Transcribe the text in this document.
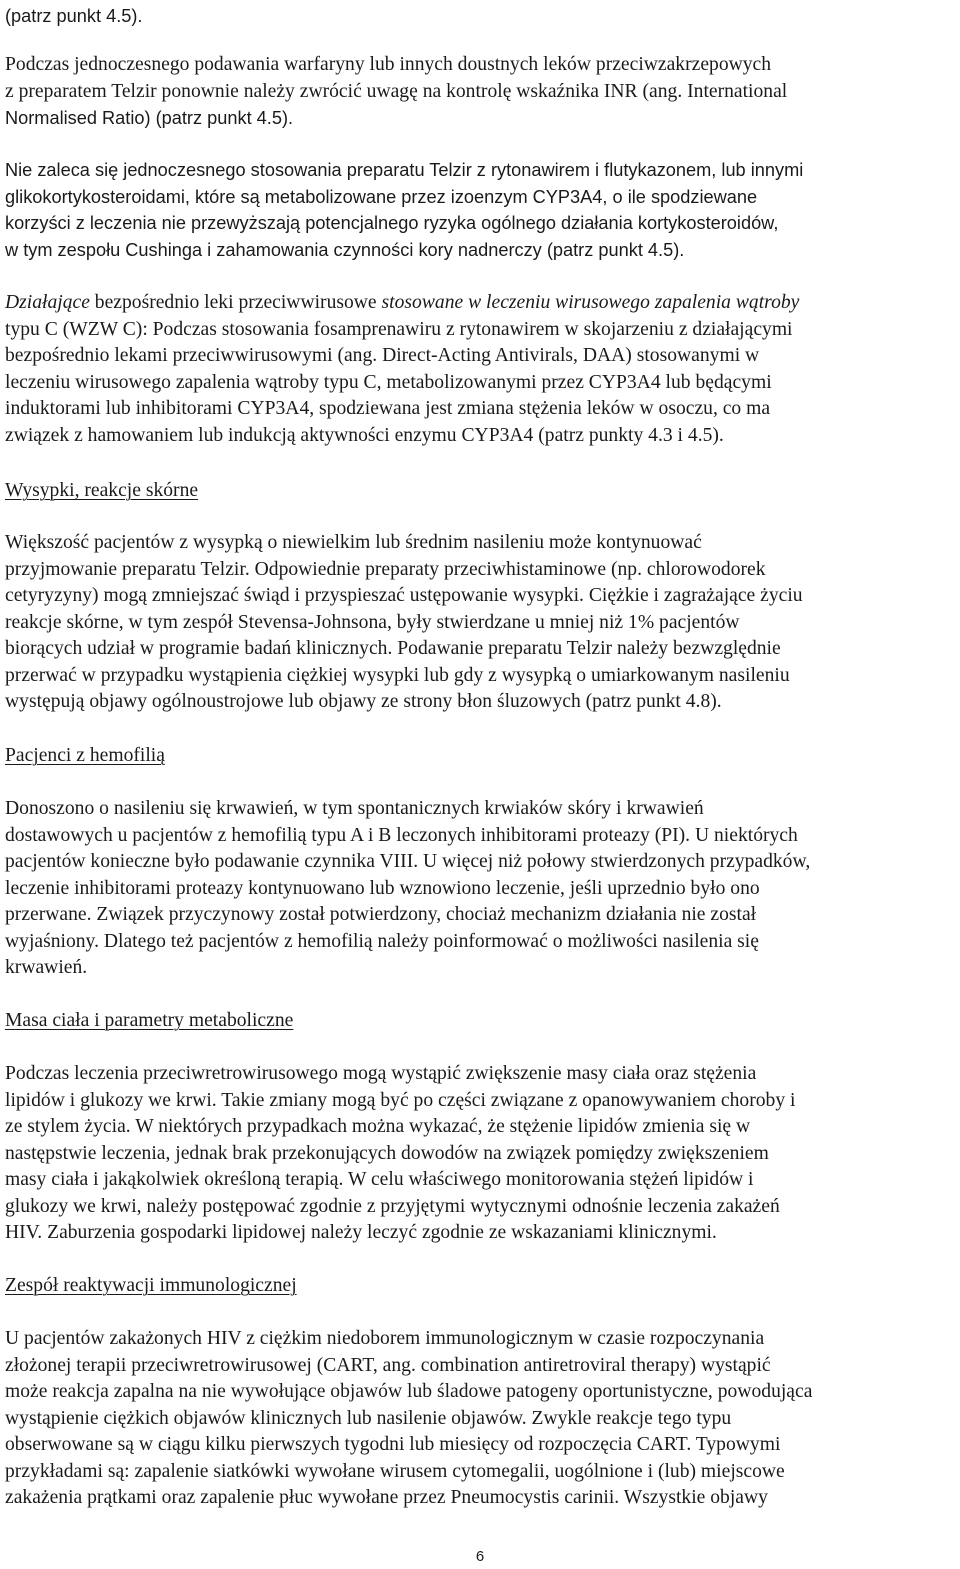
(patrz punkt 4.5).

Podczas jednoczesnego podawania warfaryny lub innych doustnych leków przeciwzakrzepowych

z preparatem Telzir ponownie należy zwrócić uwagę na kontrolę wskaźnika INR (ang. International

Normalised Ratio) (patrz punkt 4.5).

Nie zaleca się jednoczesnego stosowania preparatu Telzir z rytonawirem i flutykazonem, lub innymi

glikokortykosteroidami, które są metabolizowane przez izoenzym CYP3A4, o ile spodziewane

korzyści z leczenia nie przewyższają potencjalnego ryzyka ogólnego działania kortykosteroidów,

w tym zespołu Cushinga i zahamowania czynności kory nadnerczy (patrz punkt 4.5).

Działające bezpośrednio leki przeciwwirusowe stosowane w leczeniu wirusowego zapalenia wątroby

typu C (WZW C): Podczas stosowania fosamprenawiru z rytonawirem w skojarzeniu z działającymi

bezpośrednio lekami przeciwwirusowymi (ang. Direct-Acting Antivirals, DAA) stosowanymi w

leczeniu wirusowego zapalenia wątroby typu C, metabolizowanymi przez CYP3A4 lub będącymi

induktorami lub inhibitorami CYP3A4, spodziewana jest zmiana stężenia leków w osoczu, co ma

związek z hamowaniem lub indukcją aktywności enzymu CYP3A4 (patrz punkty 4.3 i 4.5).

Wysypki, reakcje skórne

Większość pacjentów z wysypką o niewielkim lub średnim nasileniu może kontynuować

przyjmowanie preparatu Telzir. Odpowiednie preparaty przeciwhistaminowe (np. chlorowodorek

cetyryzyny) mogą zmniejszać świąd i przyspieszać ustępowanie wysypki. Ciężkie i zagrażające życiu

reakcje skórne, w tym zespół Stevensa-Johnsona, były stwierdzane u mniej niż 1% pacjentów

biorących udział w programie badań klinicznych. Podawanie preparatu Telzir należy bezwzględnie

przerwać w przypadku wystąpienia ciężkiej wysypki lub gdy z wysypką o umiarkowanym nasileniu

występują objawy ogólnoustrojowe lub objawy ze strony błon śluzowych (patrz punkt 4.8).

Pacjenci z hemofilią

Donoszono o nasileniu się krwawień, w tym spontanicznych krwiaków skóry i krwawień

dostawowych u pacjentów z hemofilią typu A i B leczonych inhibitorami proteazy (PI). U niektórych

pacjentów konieczne było podawanie czynnika VIII. U więcej niż połowy stwierdzonych przypadków,

leczenie inhibitorami proteazy kontynuowano lub wznowiono leczenie, jeśli uprzednio było ono

przerwane. Związek przyczynowy został potwierdzony, chociaż mechanizm działania nie został

wyjaśniony. Dlatego też pacjentów z hemofilią należy poinformować o możliwości nasilenia się

krwawień.

Masa ciała i parametry metaboliczne

Podczas leczenia przeciwretrowirusowego mogą wystąpić zwiększenie masy ciała oraz stężenia

lipidów i glukozy we krwi. Takie zmiany mogą być po części związane z opanowywaniem choroby i

ze stylem życia. W niektórych przypadkach można wykazać, że stężenie lipidów zmienia się w

następstwie leczenia, jednak brak przekonujących dowodów na związek pomiędzy zwiększeniem

masy ciała i jakąkolwiek określoną terapią. W celu właściwego monitorowania stężeń lipidów i

glukozy we krwi, należy postępować zgodnie z przyjętymi wytycznymi odnośnie leczenia zakażeń

HIV. Zaburzenia gospodarki lipidowej należy leczyć zgodnie ze wskazaniami klinicznymi.

Zespół reaktywacji immunologicznej

U pacjentów zakażonych HIV z ciężkim niedoborem immunologicznym w czasie rozpoczynania

złożonej terapii przeciwretrowirusowej (CART, ang. combination antiretroviral therapy) wystąpić

może reakcja zapalna na nie wywołujące objawów lub śladowe patogeny oportunistyczne, powodująca

wystąpienie ciężkich objawów klinicznych lub nasilenie objawów. Zwykle reakcje tego typu

obserwowane są w ciągu kilku pierwszych tygodni lub miesięcy od rozpoczęcia CART. Typowymi

przykładami są: zapalenie siatkówki wywołane wirusem cytomegalii, uogólnione i (lub) miejscowe

zakażenia prątkami oraz zapalenie płuc wywołane przez Pneumocystis carinii. Wszystkie objawy

6
